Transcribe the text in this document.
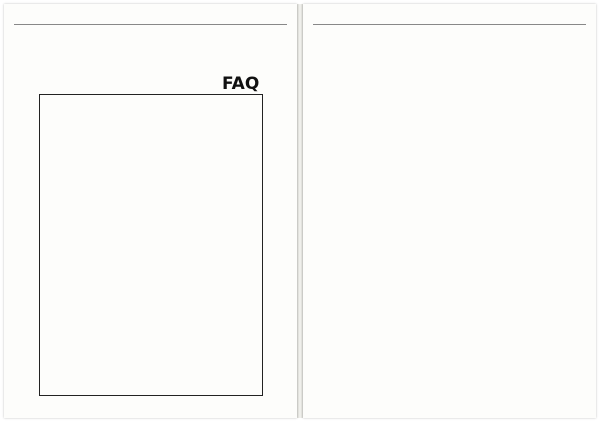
FAQ
